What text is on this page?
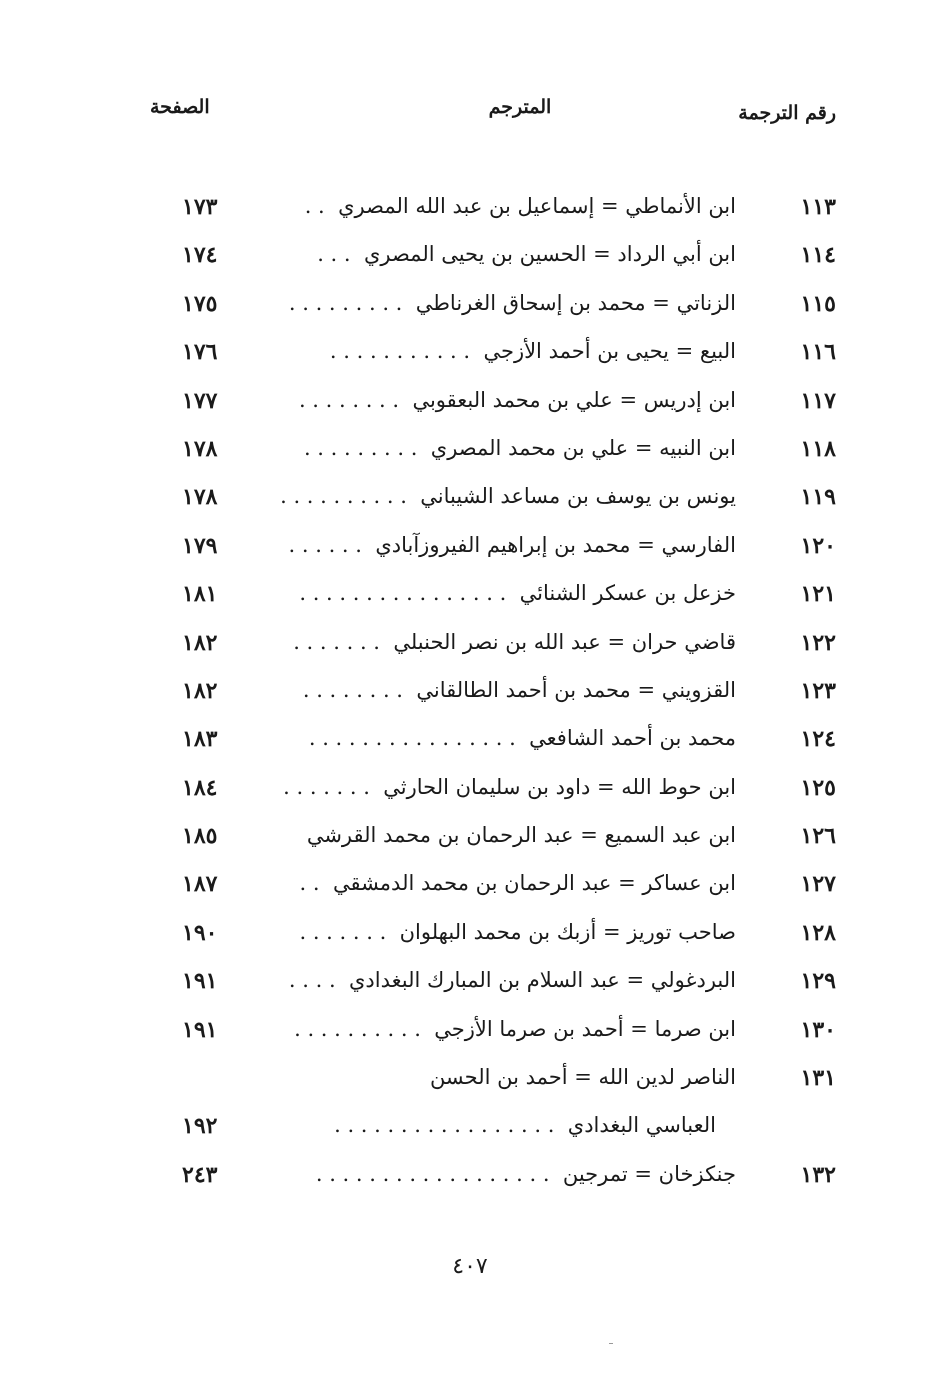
رقم الترجمة
المترجم
الصفحة
١١٣
ابن الأنماطي = إسماعيل بن عبد الله المصري  . .
١٧٣
١١٤
ابن أبي الرداد = الحسين بن يحيى المصري  . . .
١٧٤
١١٥
الزناتي = محمد بن إسحاق الغرناطي  . . . . . . . . .
١٧٥
١١٦
البيع = يحيى بن أحمد الأزجي  . . . . . . . . . . .
١٧٦
١١٧
ابن إدريس = علي بن محمد البعقوبي  . . . . . . . .
١٧٧
١١٨
ابن النبيه = علي بن محمد المصري  . . . . . . . . .
١٧٨
١١٩
يونس بن يوسف بن مساعد الشيباني  . . . . . . . . . .
١٧٨
١٢٠
الفارسي = محمد بن إبراهيم الفيروزآبادي  . . . . . .
١٧٩
١٢١
خزعل بن عسكر الشنائي  . . . . . . . . . . . . . . . .
١٨١
١٢٢
قاضي حران = عبد الله بن نصر الحنبلي  . . . . . . .
١٨٢
١٢٣
القزويني = محمد بن أحمد الطالقاني  . . . . . . . .
١٨٢
١٢٤
محمد بن أحمد الشافعي  . . . . . . . . . . . . . . . .
١٨٣
١٢٥
ابن حوط الله = داود بن سليمان الحارثي  . . . . . . .
١٨٤
١٢٦
ابن عبد السميع = عبد الرحمان بن محمد القرشي
١٨٥
١٢٧
ابن عساكر = عبد الرحمان بن محمد الدمشقي  . .
١٨٧
١٢٨
صاحب توريز = أزبك بن محمد البهلوان  . . . . . . .
١٩٠
١٢٩
البردغولي = عبد السلام بن المبارك البغدادي  . . . .
١٩١
١٣٠
ابن صرما = أحمد بن صرما الأزجي  . . . . . . . . . .
١٩١
١٣١
الناصر لدين الله = أحمد بن الحسن
العباسي البغدادي  . . . . . . . . . . . . . . . . .
١٩٢
١٣٢
جنكزخان = تمرجين  . . . . . . . . . . . . . . . . . .
٢٤٣
٤٠٧
